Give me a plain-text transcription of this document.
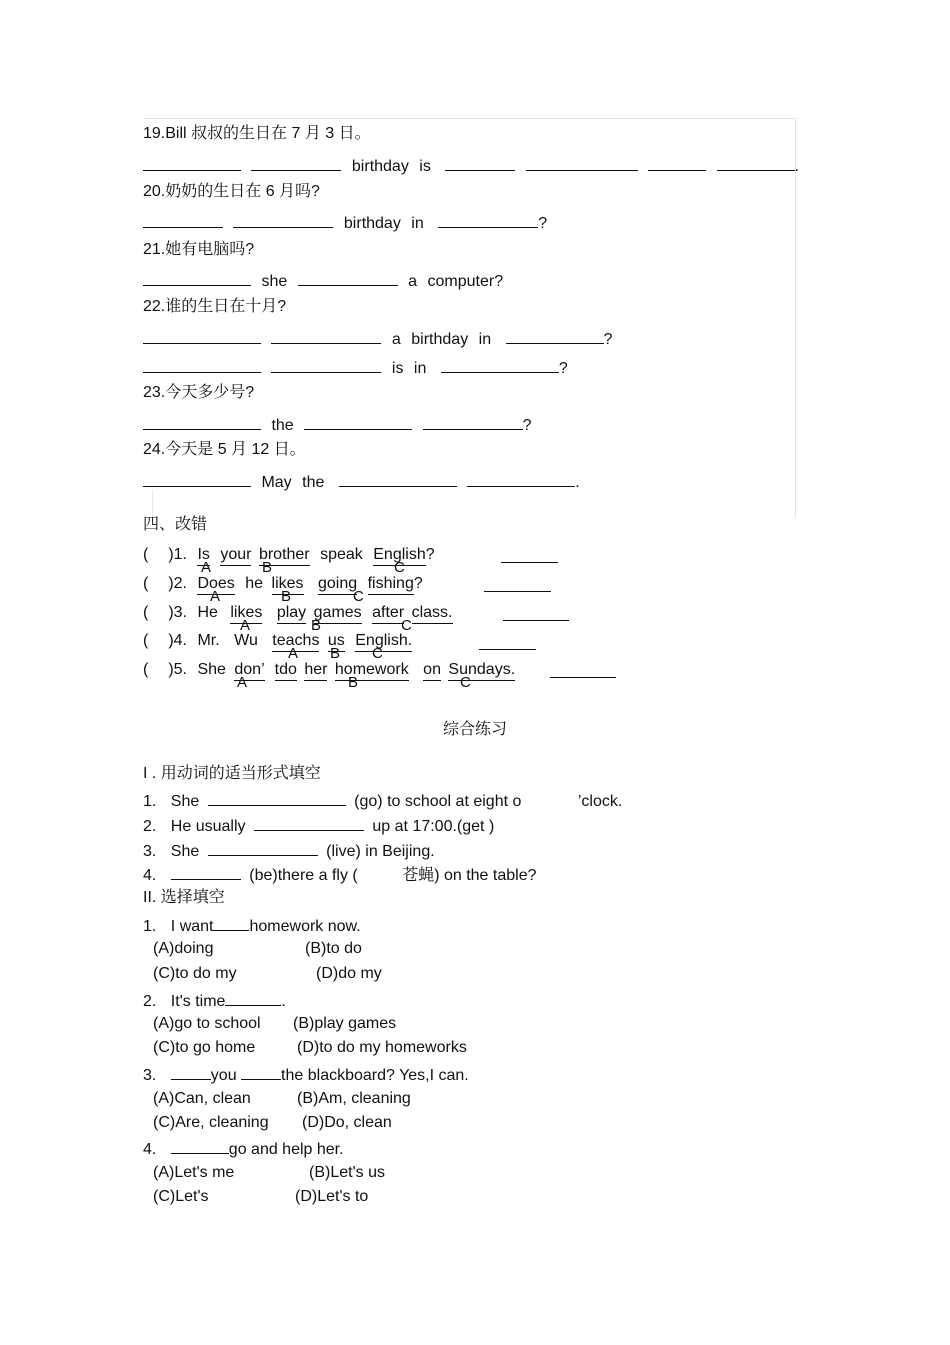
19.Bill 叔叔的生日在 7 月 3 日。
birthday is	.
20.奶奶的生日在 6 月吗?
birthday in	?
21.她有电脑吗?
she	a computer?
22.谁的生日在十月?
a birthday in	?
is in	?
23.今天多少号?
the	?
24.今天是 5 月 12 日。
May the	.
四、改错
( )1. Is your brother speak English?
A	B	C
( )2. Does he likes going fishing?
A	B	C
( )3. He likes play games after class.
A	B	C
( )4. Mr. Wu teachs us English.
A B C
( )5. She don’ tdo her homework on Sundays.
A	B	C
综合练习
I . 用动词的适当形式填空
1. She	(go) to school at eight o	’clock.
2. He usually	up at 17:00.(get )
3. She	(live) in Beijing.
4.	(be)there a fly (	苍蝇) on the table?
II. 选择填空
1. I want homework now.
(A)doing	(B)to do
(C)to do my	(D)do my
2. It's time	.
(A)go to school (B)play games
(C)to go home	(D)to do my homeworks
3.	you	the blackboard? Yes,I can.
(A)Can, clean	(B)Am, cleaning
(C)Are, cleaning (D)Do, clean
4.	go and help her.
(A)Let's me	(B)Let's us
(C)Let's	(D)Let's to
